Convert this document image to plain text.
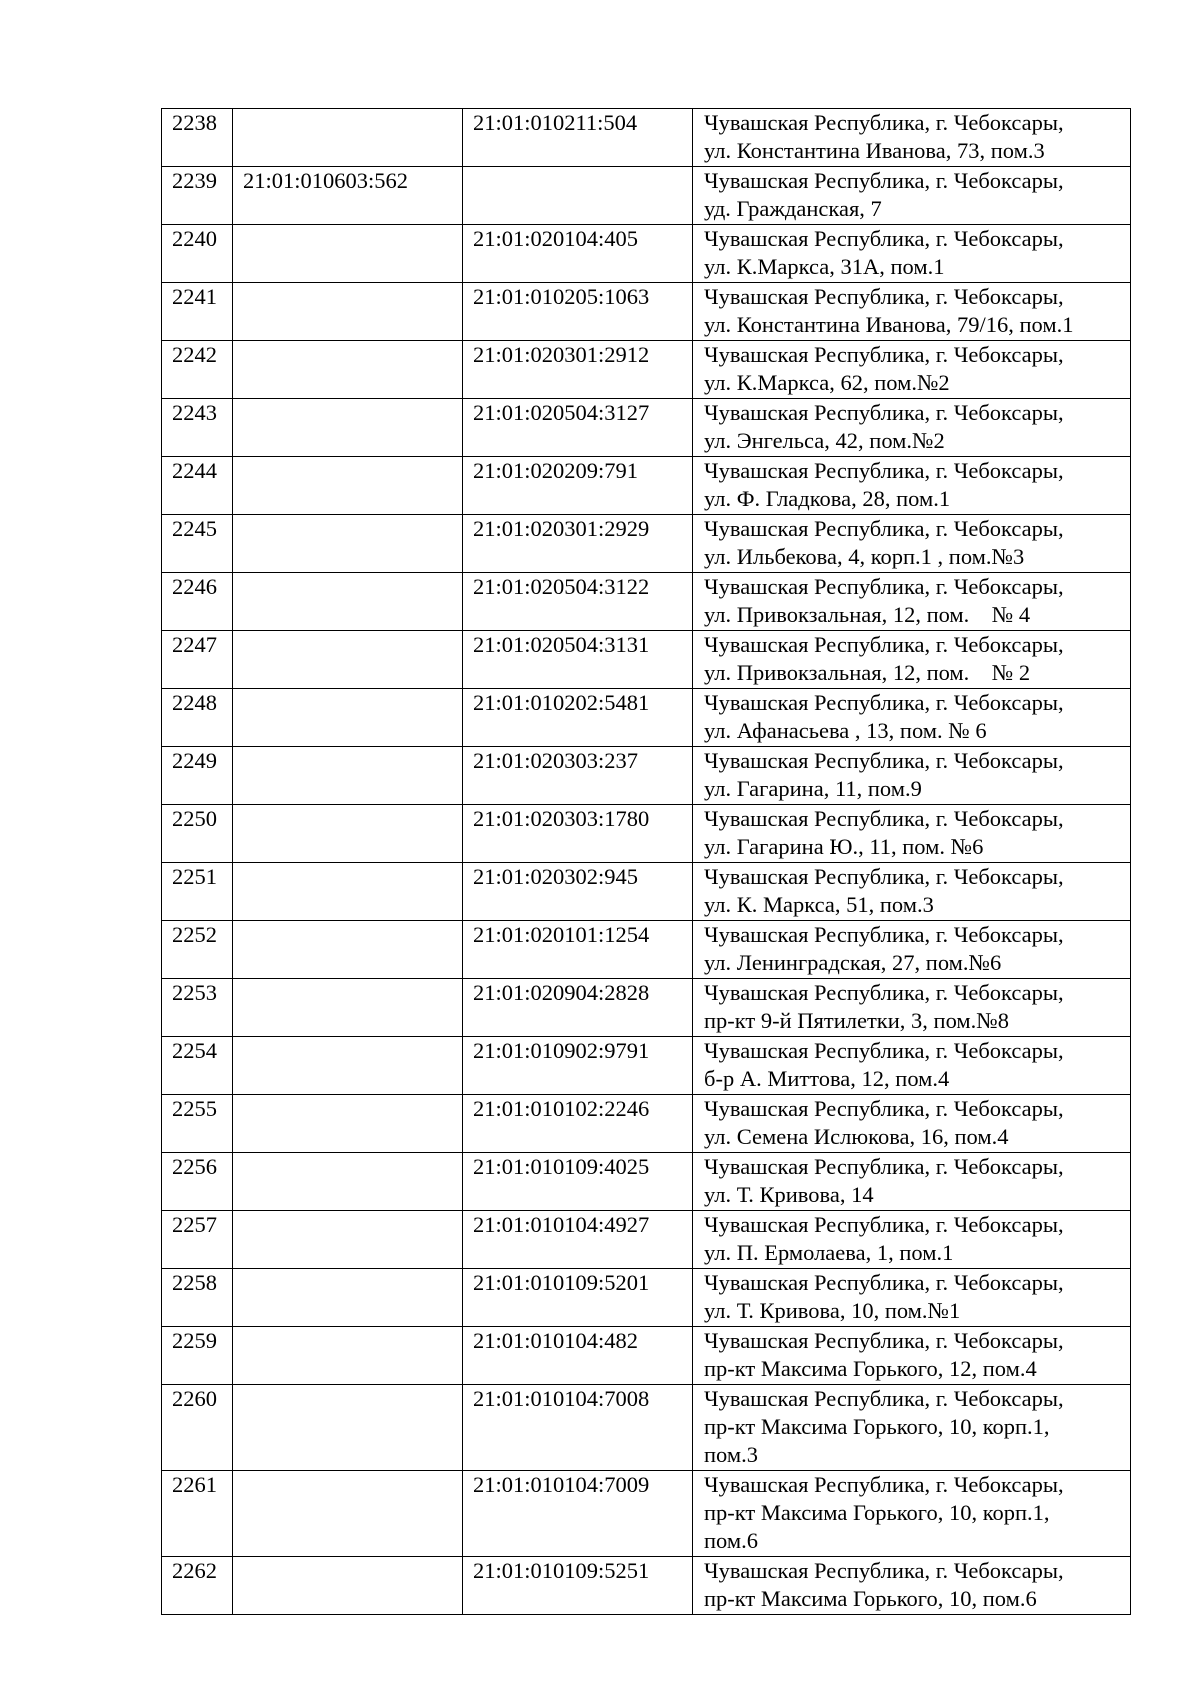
2238		21:01:010211:504	Чувашская Республика, г. Чебоксары,
ул. Константина Иванова, 73, пом.3

2239	21:01:010603:562		Чувашская Республика, г. Чебоксары,
уд. Гражданская, 7

2240		21:01:020104:405	Чувашская Республика, г. Чебоксары,
ул. К.Маркса, 31А, пом.1

2241		21:01:010205:1063	Чувашская Республика, г. Чебоксары,
ул. Константина Иванова, 79/16, пом.1

2242		21:01:020301:2912	Чувашская Республика, г. Чебоксары,
ул. К.Маркса, 62, пом.№2

2243		21:01:020504:3127	Чувашская Республика, г. Чебоксары,
ул. Энгельса, 42, пом.№2

2244		21:01:020209:791	Чувашская Республика, г. Чебоксары,
ул. Ф. Гладкова, 28, пом.1

2245		21:01:020301:2929	Чувашская Республика, г. Чебоксары,
ул. Ильбекова, 4, корп.1 , пом.№3

2246		21:01:020504:3122	Чувашская Республика, г. Чебоксары,
ул. Привокзальная, 12, пом.    № 4

2247		21:01:020504:3131	Чувашская Республика, г. Чебоксары,
ул. Привокзальная, 12, пом.    № 2

2248		21:01:010202:5481	Чувашская Республика, г. Чебоксары,
ул. Афанасьева , 13, пом. № 6

2249		21:01:020303:237	Чувашская Республика, г. Чебоксары,
ул. Гагарина, 11, пом.9

2250		21:01:020303:1780	Чувашская Республика, г. Чебоксары,
ул. Гагарина Ю., 11, пом. №6

2251		21:01:020302:945	Чувашская Республика, г. Чебоксары,
ул. К. Маркса, 51, пом.3

2252		21:01:020101:1254	Чувашская Республика, г. Чебоксары,
ул. Ленинградская, 27, пом.№6

2253		21:01:020904:2828	Чувашская Республика, г. Чебоксары,
пр-кт 9-й Пятилетки, 3, пом.№8

2254		21:01:010902:9791	Чувашская Республика, г. Чебоксары,
б-р А. Миттова, 12, пом.4

2255		21:01:010102:2246	Чувашская Республика, г. Чебоксары,
ул. Семена Ислюкова, 16, пом.4

2256		21:01:010109:4025	Чувашская Республика, г. Чебоксары,
ул. Т. Кривова, 14

2257		21:01:010104:4927	Чувашская Республика, г. Чебоксары,
ул. П. Ермолаева, 1, пом.1

2258		21:01:010109:5201	Чувашская Республика, г. Чебоксары,
ул. Т. Кривова, 10, пом.№1

2259		21:01:010104:482	Чувашская Республика, г. Чебоксары,
пр-кт Максима Горького, 12, пом.4

2260		21:01:010104:7008	Чувашская Республика, г. Чебоксары,
пр-кт Максима Горького, 10, корп.1,
пом.3

2261		21:01:010104:7009	Чувашская Республика, г. Чебоксары,
пр-кт Максима Горького, 10, корп.1,
пом.6

2262		21:01:010109:5251	Чувашская Республика, г. Чебоксары,
пр-кт Максима Горького, 10, пом.6
